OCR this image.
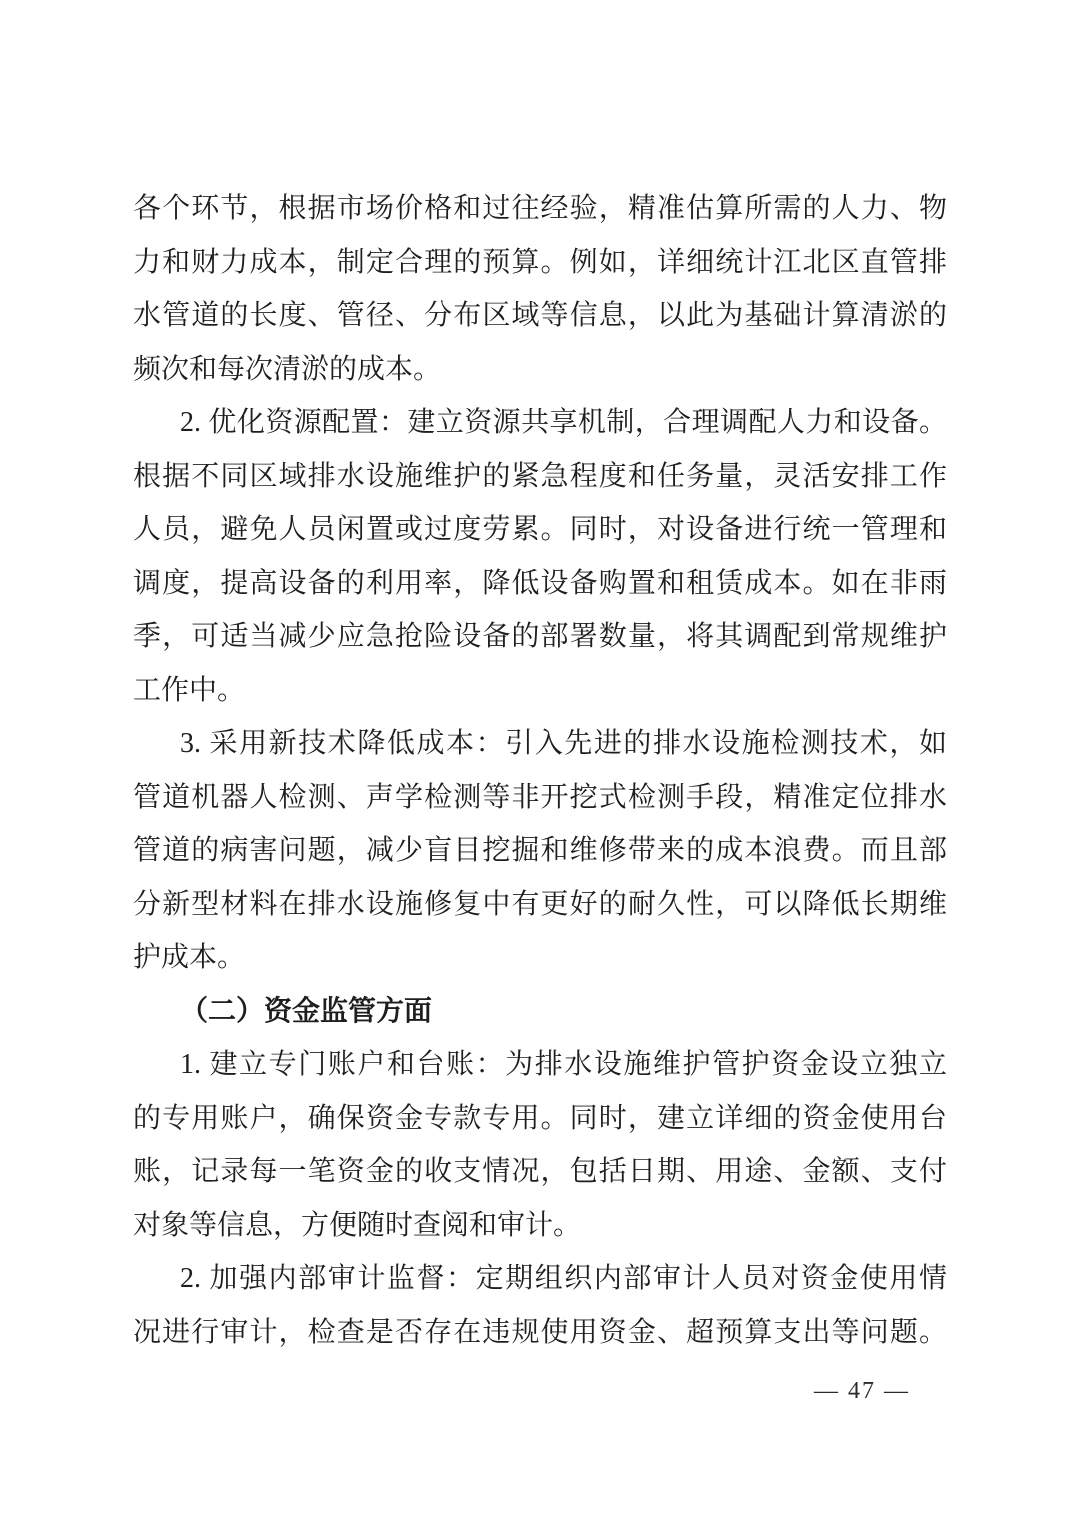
各个环节，根据市场价格和过往经验，精准估算所需的人力、物
力和财力成本，制定合理的预算。例如，详细统计江北区直管排
水管道的长度、管径、分布区域等信息，以此为基础计算清淤的
频次和每次清淤的成本。
2. 优化资源配置：建立资源共享机制，合理调配人力和设备。
根据不同区域排水设施维护的紧急程度和任务量，灵活安排工作
人员，避免人员闲置或过度劳累。同时，对设备进行统一管理和
调度，提高设备的利用率，降低设备购置和租赁成本。如在非雨
季，可适当减少应急抢险设备的部署数量，将其调配到常规维护
工作中。
3. 采用新技术降低成本：引入先进的排水设施检测技术，如
管道机器人检测、声学检测等非开挖式检测手段，精准定位排水
管道的病害问题，减少盲目挖掘和维修带来的成本浪费。而且部
分新型材料在排水设施修复中有更好的耐久性，可以降低长期维
护成本。
（二）资金监管方面
1. 建立专门账户和台账：为排水设施维护管护资金设立独立
的专用账户，确保资金专款专用。同时，建立详细的资金使用台
账，记录每一笔资金的收支情况，包括日期、用途、金额、支付
对象等信息，方便随时查阅和审计。
2. 加强内部审计监督：定期组织内部审计人员对资金使用情
况进行审计，检查是否存在违规使用资金、超预算支出等问题。
— 47 —
